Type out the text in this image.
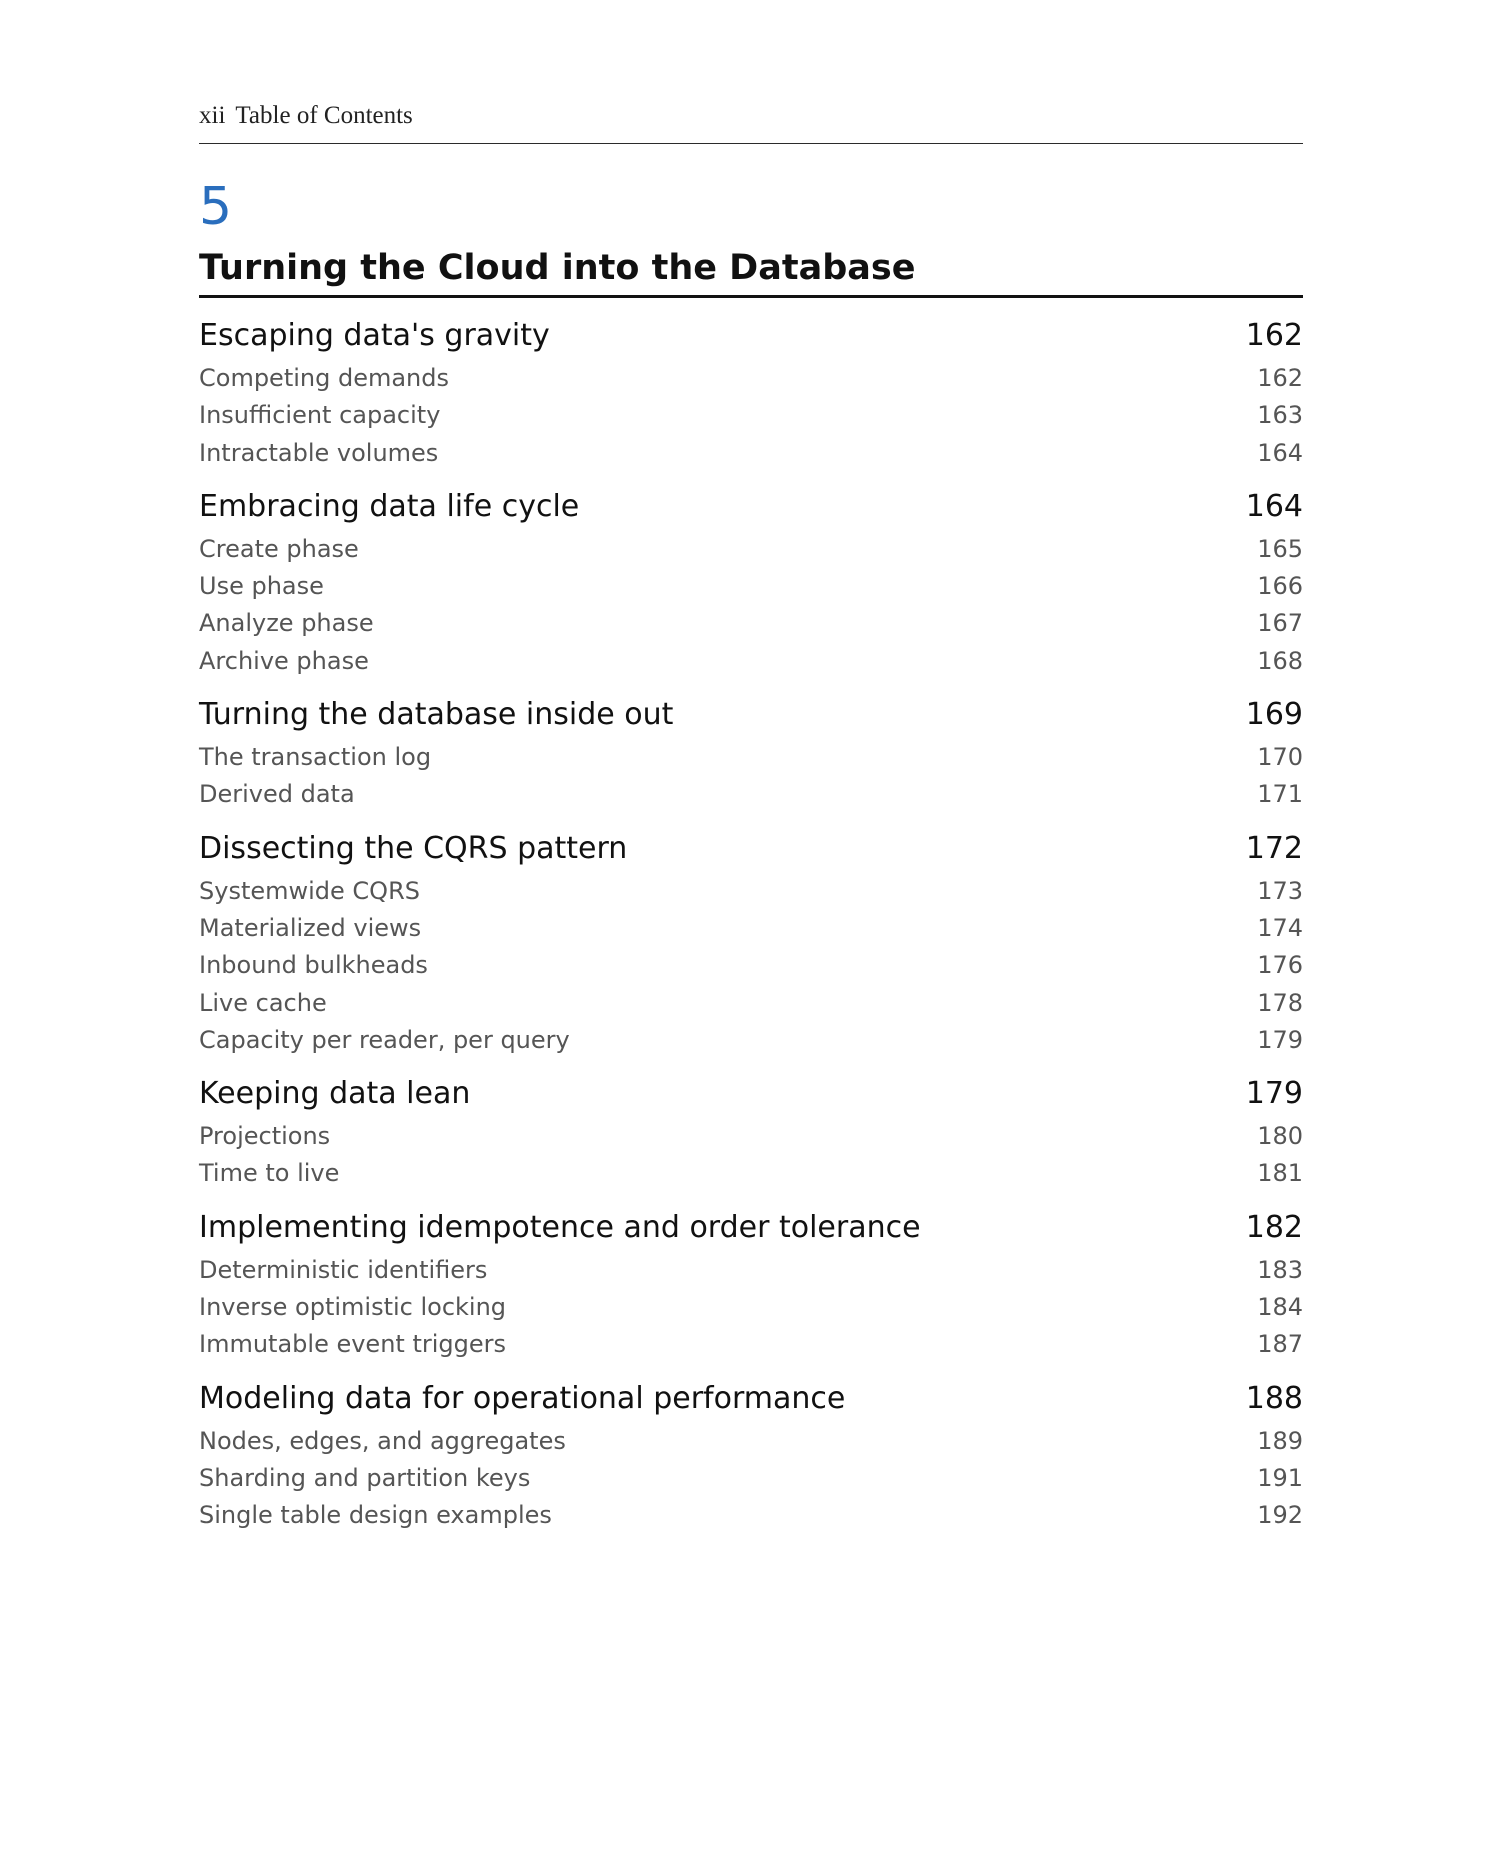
xii Table of Contents
5
Turning the Cloud into the Database
Escaping data's gravity	162
Competing demands	162
Insufficient capacity	163
Intractable volumes	164
Embracing data life cycle	164
Create phase	165
Use phase	166
Analyze phase	167
Archive phase	168
Turning the database inside out	169
The transaction log	170
Derived data	171
Dissecting the CQRS pattern	172
Systemwide CQRS	173
Materialized views	174
Inbound bulkheads	176
Live cache	178
Capacity per reader, per query	179
Keeping data lean	179
Projections	180
Time to live	181
Implementing idempotence and order tolerance	182
Deterministic identifiers	183
Inverse optimistic locking	184
Immutable event triggers	187
Modeling data for operational performance	188
Nodes, edges, and aggregates	189
Sharding and partition keys	191
Single table design examples	192
